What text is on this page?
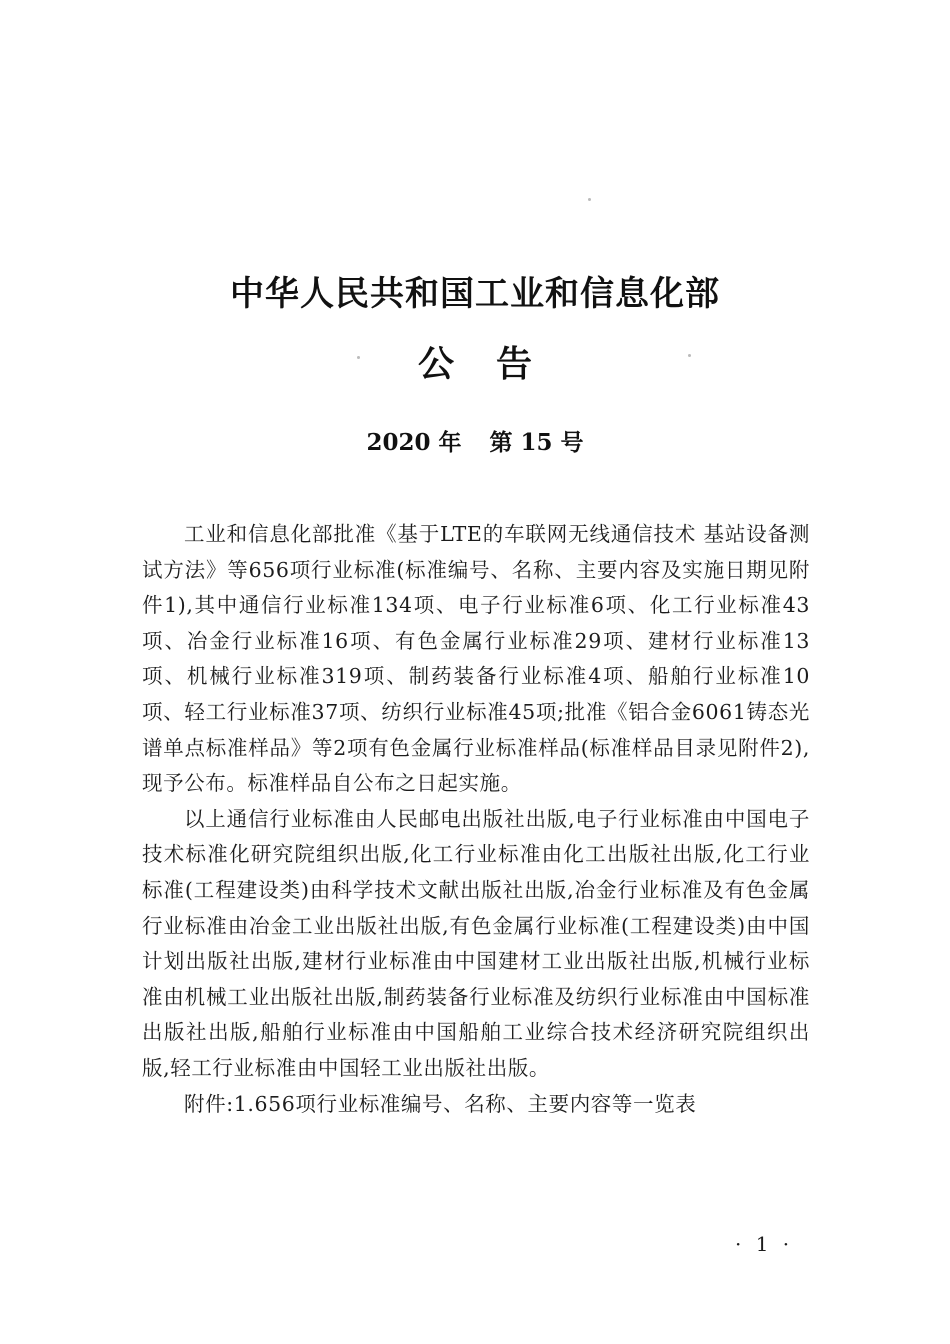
中华人民共和国工业和信息化部
公告
2020 年 第 15 号

工业和信息化部批准《基于LTE的车联网无线通信技术 基站设备测试方法》等656项行业标准(标准编号、名称、主要内容及实施日期见附件1),其中通信行业标准134项、电子行业标准6项、化工行业标准43项、冶金行业标准16项、有色金属行业标准29项、建材行业标准13项、机械行业标准319项、制药装备行业标准4项、船舶行业标准10项、轻工行业标准37项、纺织行业标准45项;批准《铝合金6061铸态光谱单点标准样品》等2项有色金属行业标准样品(标准样品目录见附件2),现予公布。标准样品自公布之日起实施。

以上通信行业标准由人民邮电出版社出版,电子行业标准由中国电子技术标准化研究院组织出版,化工行业标准由化工出版社出版,化工行业标准(工程建设类)由科学技术文献出版社出版,冶金行业标准及有色金属行业标准由冶金工业出版社出版,有色金属行业标准(工程建设类)由中国计划出版社出版,建材行业标准由中国建材工业出版社出版,机械行业标准由机械工业出版社出版,制药装备行业标准及纺织行业标准由中国标准出版社出版,船舶行业标准由中国船舶工业综合技术经济研究院组织出版,轻工行业标准由中国轻工业出版社出版。

附件:1.656项行业标准编号、名称、主要内容等一览表

· 1 ·
